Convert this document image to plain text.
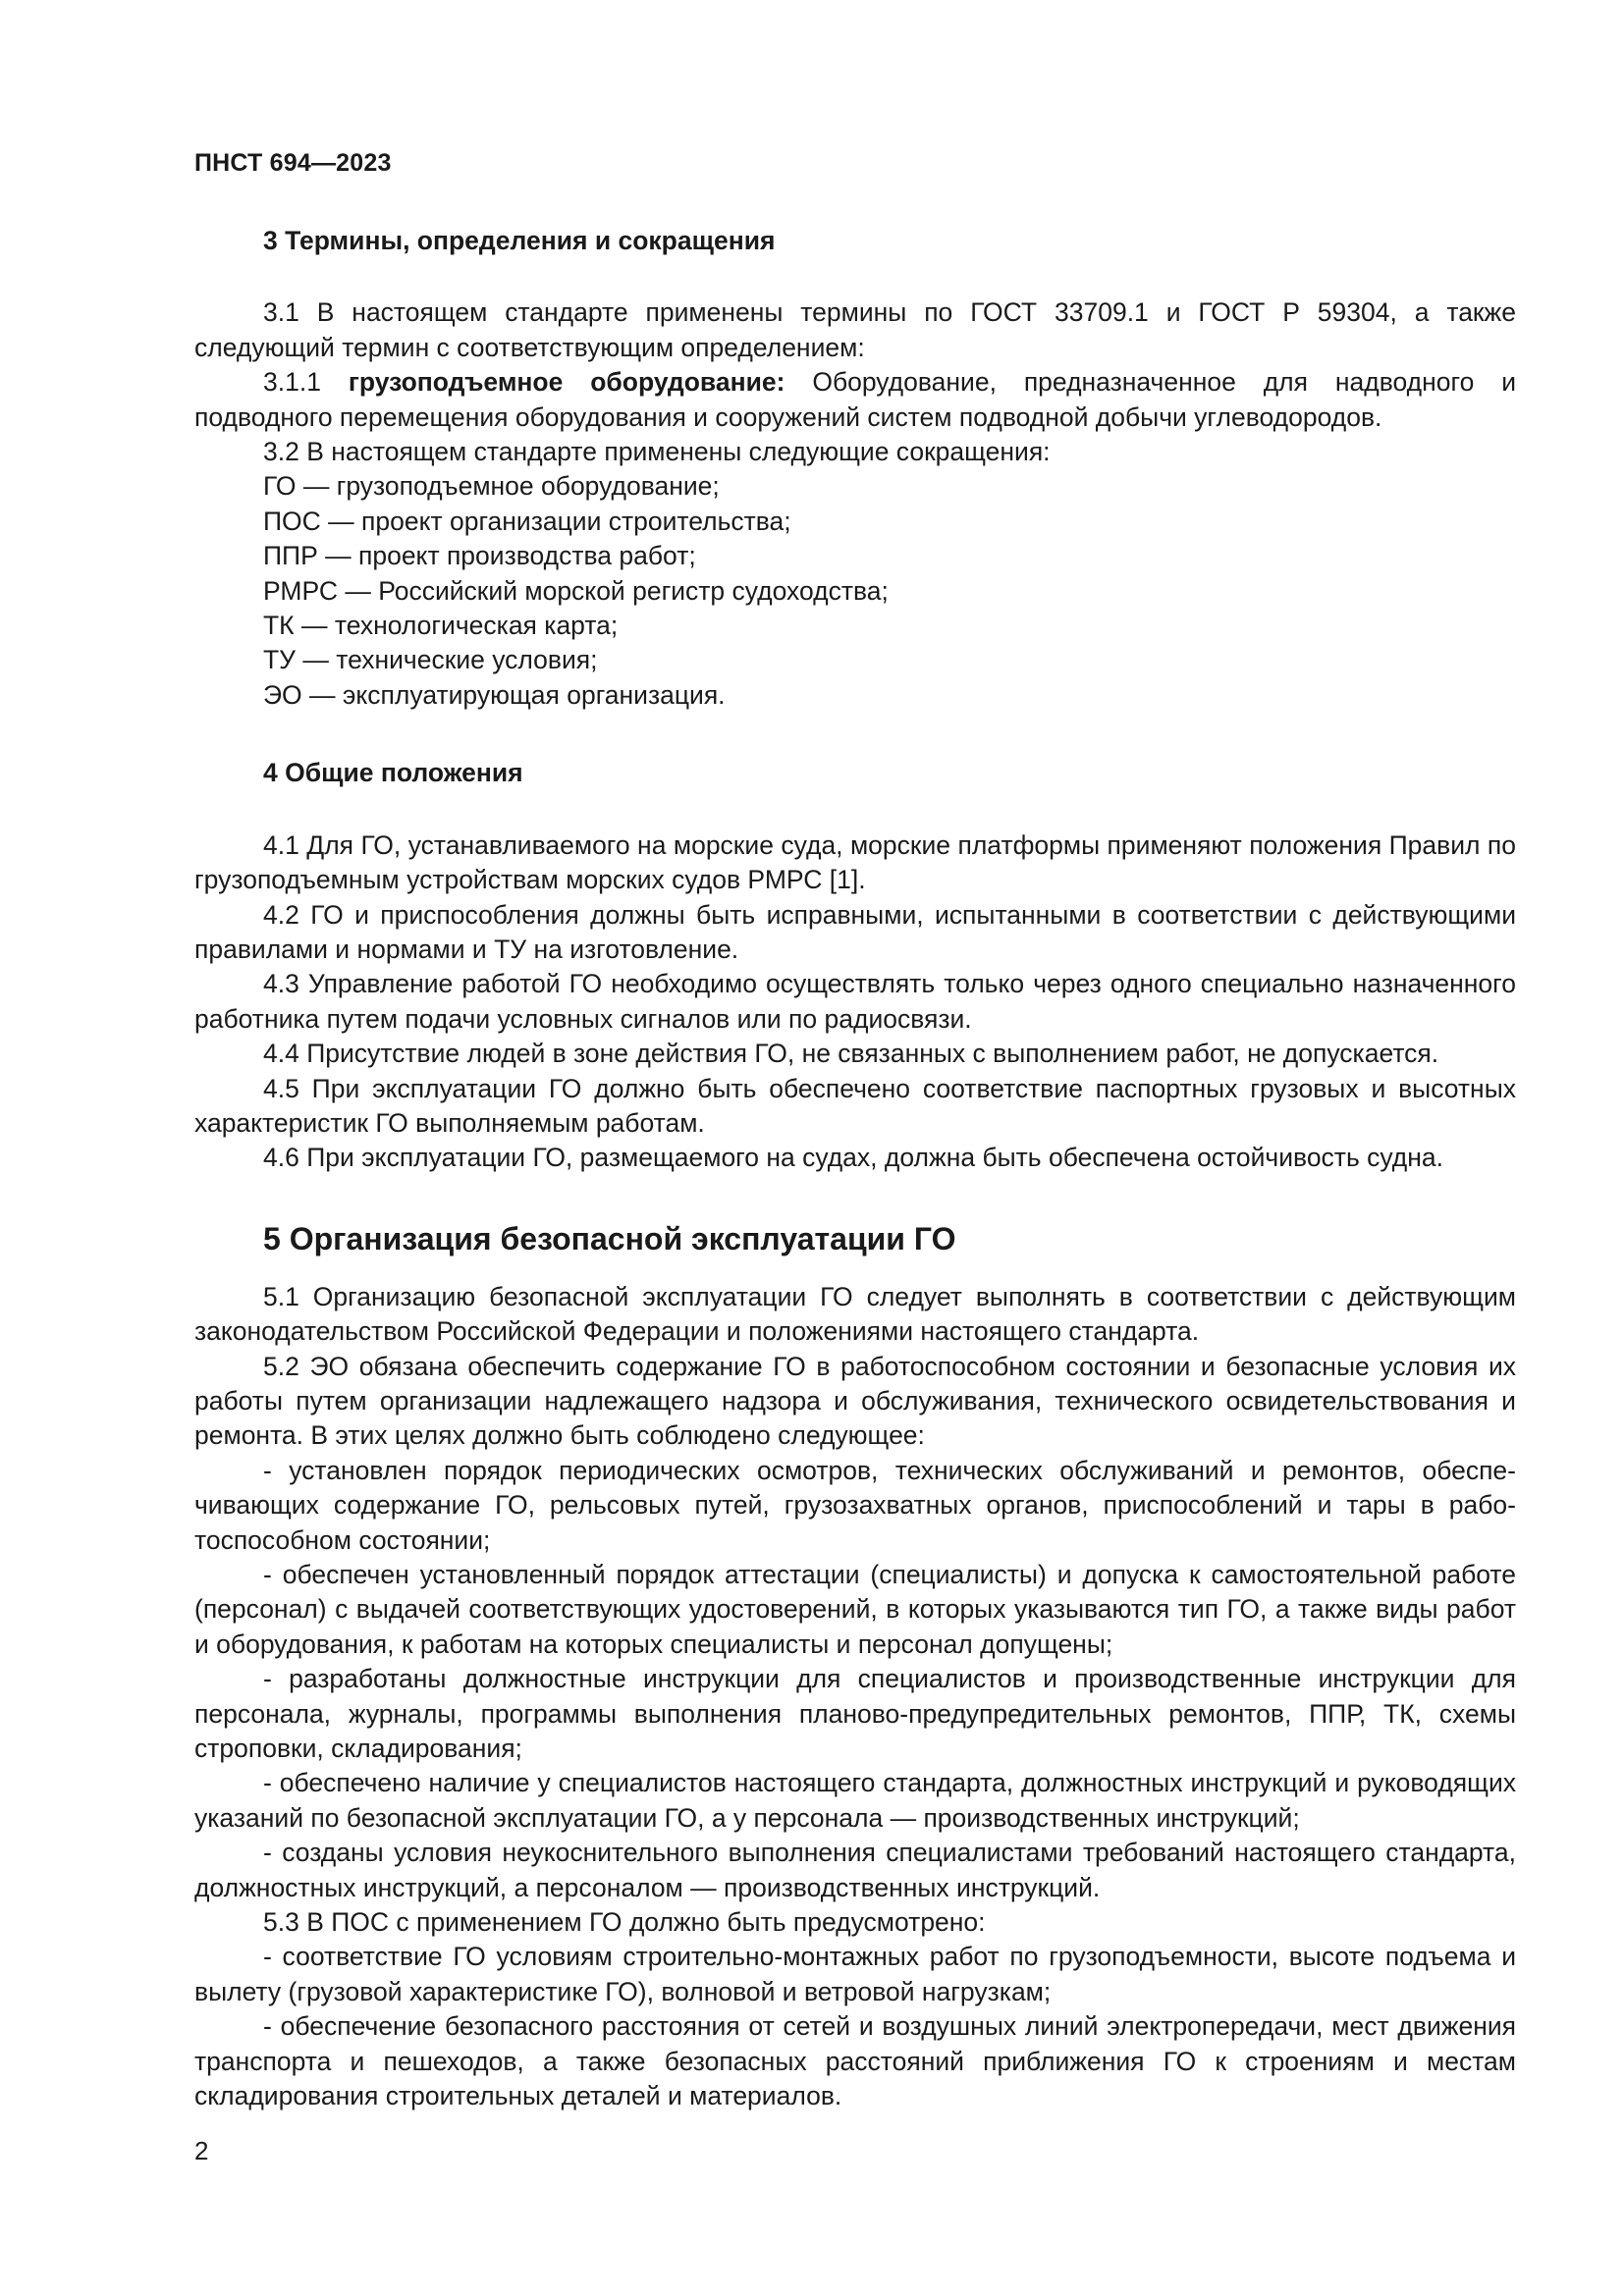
ПНСТ 694—2023

3 Термины, определения и сокращения

3.1 В настоящем стандарте применены термины по ГОСТ 33709.1 и ГОСТ Р 59304, а также следующий термин с соответствующим определением:

3.1.1 грузоподъемное оборудование: Оборудование, предназначенное для надводного и подводного перемещения оборудования и сооружений систем подводной добычи углеводородов.

3.2 В настоящем стандарте применены следующие сокращения:

ГО — грузоподъемное оборудование;

ПОС — проект организации строительства;

ППР — проект производства работ;

РМРС — Российский морской регистр судоходства;

ТК — технологическая карта;

ТУ — технические условия;

ЭО — эксплуатирующая организация.

4 Общие положения

4.1 Для ГО, устанавливаемого на морские суда, морские платформы применяют положения Правил по грузоподъемным устройствам морских судов РМРС [1].

4.2 ГО и приспособления должны быть исправными, испытанными в соответствии с действующими правилами и нормами и ТУ на изготовление.

4.3 Управление работой ГО необходимо осуществлять только через одного специально назначенного работника путем подачи условных сигналов или по радиосвязи.

4.4 Присутствие людей в зоне действия ГО, не связанных с выполнением работ, не допускается.

4.5 При эксплуатации ГО должно быть обеспечено соответствие паспортных грузовых и высотных характеристик ГО выполняемым работам.

4.6 При эксплуатации ГО, размещаемого на судах, должна быть обеспечена остойчивость судна.

5 Организация безопасной эксплуатации ГО

5.1 Организацию безопасной эксплуатации ГО следует выполнять в соответствии с действующим законодательством Российской Федерации и положениями настоящего стандарта.

5.2 ЭО обязана обеспечить содержание ГО в работоспособном состоянии и безопасные условия их работы путем организации надлежащего надзора и обслуживания, технического освидетельствования и ремонта. В этих целях должно быть соблюдено следующее:

- установлен порядок периодических осмотров, технических обслуживаний и ремонтов, обеспечивающих содержание ГО, рельсовых путей, грузозахватных органов, приспособлений и тары в работоспособном состоянии;

- обеспечен установленный порядок аттестации (специалисты) и допуска к самостоятельной работе (персонал) с выдачей соответствующих удостоверений, в которых указываются тип ГО, а также виды работ и оборудования, к работам на которых специалисты и персонал допущены;

- разработаны должностные инструкции для специалистов и производственные инструкции для персонала, журналы, программы выполнения планово-предупредительных ремонтов, ППР, ТК, схемы строповки, складирования;

- обеспечено наличие у специалистов настоящего стандарта, должностных инструкций и руководящих указаний по безопасной эксплуатации ГО, а у персонала — производственных инструкций;

- созданы условия неукоснительного выполнения специалистами требований настоящего стандарта, должностных инструкций, а персоналом — производственных инструкций.

5.3 В ПОС с применением ГО должно быть предусмотрено:

- соответствие ГО условиям строительно-монтажных работ по грузоподъемности, высоте подъема и вылету (грузовой характеристике ГО), волновой и ветровой нагрузкам;

- обеспечение безопасного расстояния от сетей и воздушных линий электропередачи, мест движения транспорта и пешеходов, а также безопасных расстояний приближения ГО к строениям и местам складирования строительных деталей и материалов.

2
